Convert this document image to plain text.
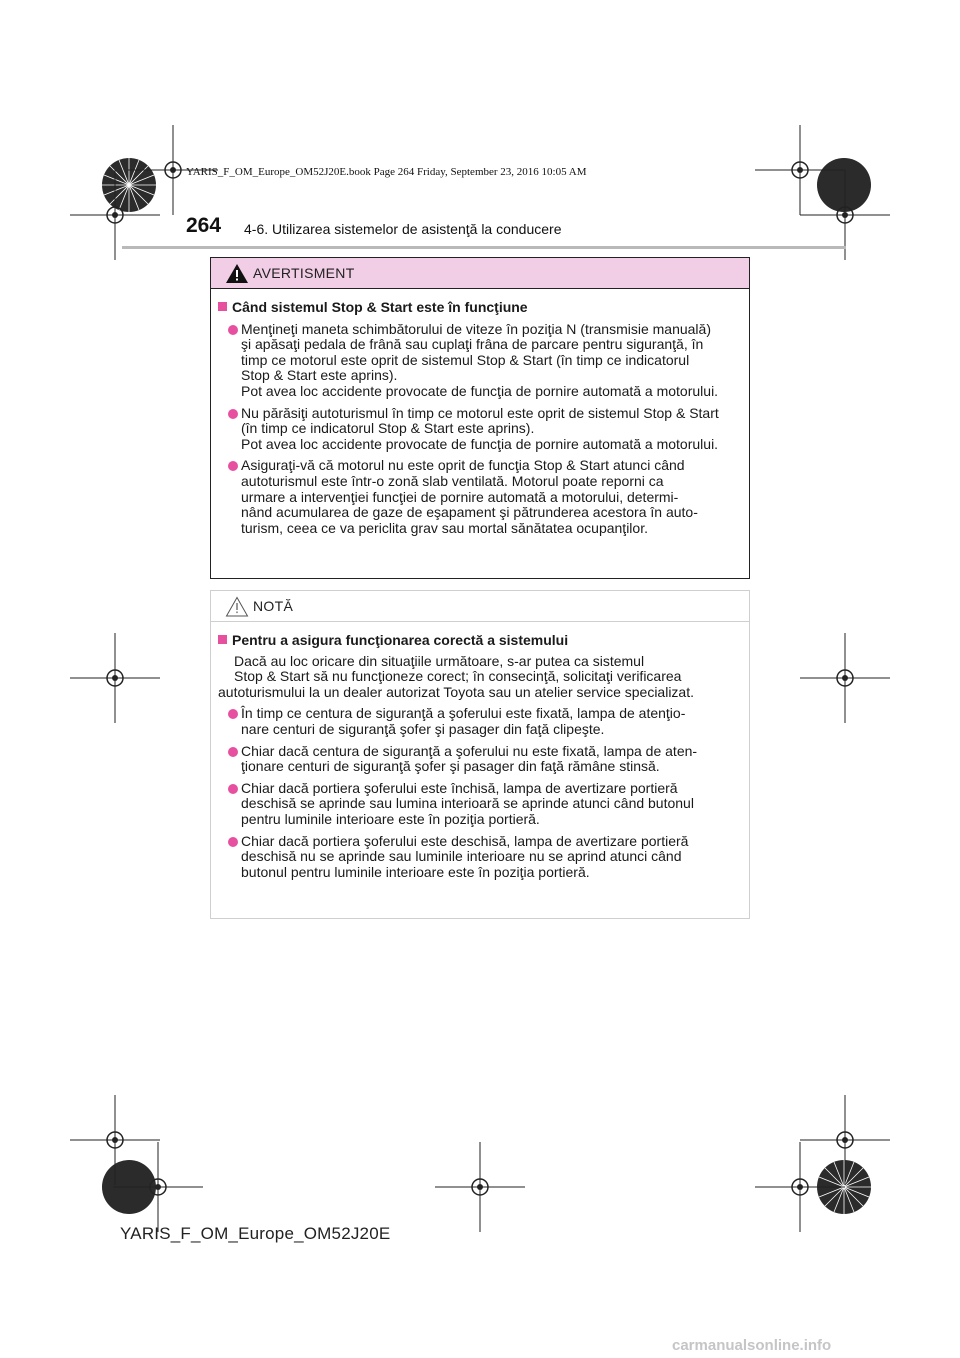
YARIS_F_OM_Europe_OM52J20E.book Page 264 Friday, September 23, 2016 10:05 AM
264 4-6. Utilizarea sistemelor de asistenţă la conducere
AVERTISMENT
Când sistemul Stop & Start este în funcţiune
Menţineţi maneta schimbătorului de viteze în poziţia N (transmisie manuală)
şi apăsaţi pedala de frână sau cuplaţi frâna de parcare pentru siguranţă, în
timp ce motorul este oprit de sistemul Stop & Start (în timp ce indicatorul
Stop & Start este aprins).
Pot avea loc accidente provocate de funcţia de pornire automată a motorului.
Nu părăsiţi autoturismul în timp ce motorul este oprit de sistemul Stop & Start
(în timp ce indicatorul Stop & Start este aprins).
Pot avea loc accidente provocate de funcţia de pornire automată a motorului.
Asiguraţi-vă că motorul nu este oprit de funcţia Stop & Start atunci când
autoturismul este într-o zonă slab ventilată. Motorul poate reporni ca
urmare a intervenţiei funcţiei de pornire automată a motorului, determi-
nând acumularea de gaze de eşapament şi pătrunderea acestora în auto-
turism, ceea ce va periclita grav sau mortal sănătatea ocupanţilor.
NOTĂ
Pentru a asigura funcţionarea corectă a sistemului
Dacă au loc oricare din situaţiile următoare, s-ar putea ca sistemul
Stop & Start să nu funcţioneze corect; în consecinţă, solicitaţi verificarea
autoturismului la un dealer autorizat Toyota sau un atelier service specializat.
În timp ce centura de siguranţă a şoferului este fixată, lampa de atenţio-
nare centuri de siguranţă şofer şi pasager din faţă clipeşte.
Chiar dacă centura de siguranţă a şoferului nu este fixată, lampa de aten-
ţionare centuri de siguranţă şofer şi pasager din faţă rămâne stinsă.
Chiar dacă portiera şoferului este închisă, lampa de avertizare portieră
deschisă se aprinde sau lumina interioară se aprinde atunci când butonul
pentru luminile interioare este în poziţia portieră.
Chiar dacă portiera şoferului este deschisă, lampa de avertizare portieră
deschisă nu se aprinde sau luminile interioare nu se aprind atunci când
butonul pentru luminile interioare este în poziţia portieră.
YARIS_F_OM_Europe_OM52J20E
carmanualsonline.info
